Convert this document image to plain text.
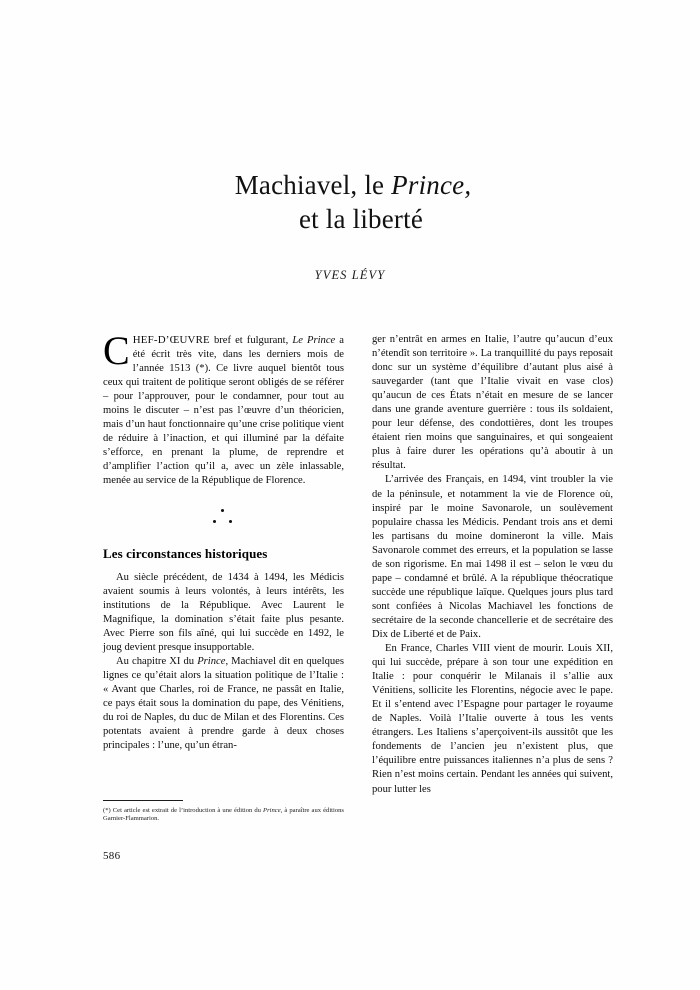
Machiavel, le Prince,
et la liberté
YVES LÉVY

CHEF-D’ŒUVRE bref et fulgurant, Le Prince a été écrit très vite, dans les derniers mois de l’année 1513 (*). Ce livre auquel bientôt tous ceux qui traitent de politique seront obligés de se référer – pour l’approuver, pour le condamner, pour tout au moins le discuter – n’est pas l’œuvre d’un théoricien, mais d’un haut fonctionnaire qu’une crise politique vient de réduire à l’inaction, et qui illuminé par la défaite s’efforce, en prenant la plume, de reprendre et d’amplifier l’action qu’il a, avec un zèle inlassable, menée au service de la République de Florence.

Les circonstances historiques

Au siècle précédent, de 1434 à 1494, les Médicis avaient soumis à leurs volontés, à leurs intérêts, les institutions de la République. Avec Laurent le Magnifique, la domination s’était faite plus pesante. Avec Pierre son fils aîné, qui lui succède en 1492, le joug devient presque insupportable.

Au chapitre XI du Prince, Machiavel dit en quelques lignes ce qu’était alors la situation politique de l’Italie : « Avant que Charles, roi de France, ne passât en Italie, ce pays était sous la domination du pape, des Vénitiens, du roi de Naples, du duc de Milan et des Florentins. Ces potentats avaient à prendre garde à deux choses principales : l’une, qu’un étran-

ger n’entrât en armes en Italie, l’autre qu’aucun d’eux n’étendît son territoire ». La tranquillité du pays reposait donc sur un système d’équilibre d’autant plus aisé à sauvegarder (tant que l’Italie vivait en vase clos) qu’aucun de ces États n’était en mesure de se lancer dans une grande aventure guerrière : tous ils soldaient, pour leur défense, des condottières, dont les troupes étaient rien moins que sanguinaires, et qui songeaient plus à faire durer les opérations qu’à aboutir à un résultat.

L’arrivée des Français, en 1494, vint troubler la vie de la péninsule, et notamment la vie de Florence où, inspiré par le moine Savonarole, un soulèvement populaire chassa les Médicis. Pendant trois ans et demi les partisans du moine domineront la ville. Mais Savonarole commet des erreurs, et la population se lasse de son rigorisme. En mai 1498 il est – selon le vœu du pape – condamné et brûlé. A la république théocratique succède une république laïque. Quelques jours plus tard sont confiées à Nicolas Machiavel les fonctions de secrétaire de la seconde chancellerie et de secrétaire des Dix de Liberté et de Paix.

En France, Charles VIII vient de mourir. Louis XII, qui lui succède, prépare à son tour une expédition en Italie : pour conquérir le Milanais il s’allie aux Vénitiens, sollicite les Florentins, négocie avec le pape. Et il s’entend avec l’Espagne pour partager le royaume de Naples. Voilà l’Italie ouverte à tous les vents étrangers. Les Italiens s’aperçoivent-ils aussitôt que les fondements de l’ancien jeu n’existent plus, que l’équilibre entre puissances italiennes n’a plus de sens ? Rien n’est moins certain. Pendant les années qui suivent, pour lutter les

(*) Cet article est extrait de l’introduction à une édition du Prince, à paraître aux éditions Garnier-Flammarion.
586
